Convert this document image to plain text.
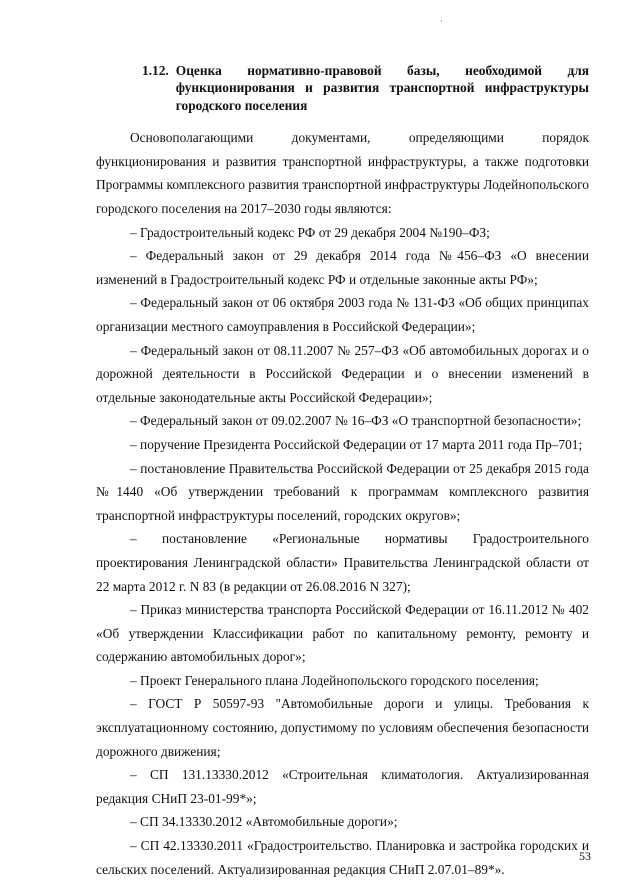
·
1.12. Оценка нормативно-правовой базы, необходимой для функционирования и развития транспортной инфраструктуры городского поселения

Основополагающими документами, определяющими порядок функционирования и развития транспортной инфраструктуры, а также подготовки Программы комплексного развития транспортной инфраструктуры Лодейнопольского городского поселения на 2017–2030 годы являются:

– Градостроительный кодекс РФ от 29 декабря 2004 №190–ФЗ;

– Федеральный закон от 29 декабря 2014 года №456–ФЗ «О внесении изменений в Градостроительный кодекс РФ и отдельные законные акты РФ»;

– Федеральный закон от 06 октября 2003 года № 131-ФЗ «Об общих принципах организации местного самоуправления в Российской Федерации»;

– Федеральный закон от 08.11.2007 № 257–ФЗ «Об автомобильных дорогах и о дорожной деятельности в Российской Федерации и о внесении изменений в отдельные законодательные акты Российской Федерации»;

– Федеральный закон от 09.02.2007 № 16–ФЗ «О транспортной безопасности»;

– поручение Президента Российской Федерации от 17 марта 2011 года Пр–701;

– постановление Правительства Российской Федерации от 25 декабря 2015 года №1440 «Об утверждении требований к программам комплексного развития транспортной инфраструктуры поселений, городских округов»;

– постановление «Региональные нормативы Градостроительного проектирования Ленинградской области» Правительства Ленинградской области от 22 марта 2012 г. N 83 (в редакции от 26.08.2016 N 327);

– Приказ министерства транспорта Российской Федерации от 16.11.2012 № 402 «Об утверждении Классификации работ по капитальному ремонту, ремонту и содержанию автомобильных дорог»;

– Проект Генерального плана Лодейнопольского городского поселения;

– ГОСТ Р 50597-93 "Автомобильные дороги и улицы. Требования к эксплуатационному состоянию, допустимому по условиям обеспечения безопасности дорожного движения;

– СП 131.13330.2012 «Строительная климатология. Актуализированная редакция СНиП 23-01-99*»;

– СП 34.13330.2012 «Автомобильные дороги»;

– СП 42.13330.2011 «Градостроительство. Планировка и застройка городских и сельских поселений. Актуализированная редакция СНиП 2.07.01–89*».

53
